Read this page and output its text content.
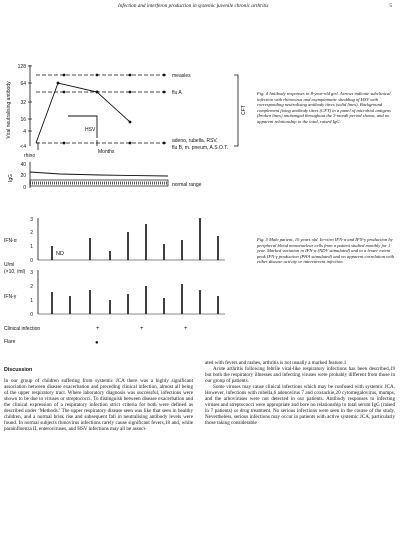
Infection and interferon production in systemic juvenile chronic arthritis	5
Viral neutralising antibody
128
64
32
16
4
<4
measles
flu A
HSV
adeno, rubella, RSV,
flu B, m. pneum, A.S.O.T.
CFT
rhino
Months
IgG
40
20
0	normal range
Fig. 4 Antibody responses in 8-year-old girl. Arrows indicate subclinical infection with rhinovirus and asymptomatic shedding of HSV with corresponding neutralising antibody titres (solid lines). Background complement fixing antibody titres (CFT) to a panel of microbial antigens (broken lines) unchanged throughout the 3-month period shown, and no apparent relationship to the total, raised IgG.
3
2
1
0
IFN-α
ND
U/ml
(×10, /ml) 3
2
1
0
IFN-γ
Clinical infection	+	+	+
Flare	●
Fig. 5 Male patient, 10 years old. In-vitro IFN-α and IFN-γ production by peripheral blood mononuclear cells from a patient studied monthly for 1 year. Marked variation in IFN-α (NDV stimulated) and to a lesser extent peak IFN-γ production (PHA stimulated) and no apparent correlation with either disease activity or intercurrent infection.
Discussion

In our group of children suffering from systemic JCA there was a highly significant association between disease exacerbation and preceding clinical infection, almost all being of the upper respiratory tract. Where laboratory diagnosis was successful, infections were shown to be due to viruses or streptococci. To distinguish between disease exacerbation and the clinical expression of a respiratory infection strict criteria for both were defined as described under ‘Methods.’ The upper respiratory disease seen was like that seen in healthy children, and a normal brisk rise and subsequent fall in neutralising antibody levels were found. In normal subjects rhinovirus infections rarely cause significant fevers,18 and, while parainfluenza II, enteroviruses, and HSV infections may all be associ-

ated with fevers and rashes, arthritis is not usually a marked feature.1

Acute arthritis following febrile viral-like respiratory infections has been described,19 but both the respiratory illnesses and infecting viruses were probably different from those in our group of patients.

Some viruses may cause clinical infections which may be confused with systemic JCA. However, infections with rubella,6 adenovirus 7 and coxsackie,20 cytomegalovirus, mumps, and the arboviruses were not detected in our patients. Antibody responses to infecting viruses and streptococci were appropriate and bore no relationship to total serum IgG (raised in 7 patients) or drug treatment. No serious infections were seen in the course of the study. Nevertheless, serious infections may occur in patients with active systemic JCA, particularly those taking considerable
